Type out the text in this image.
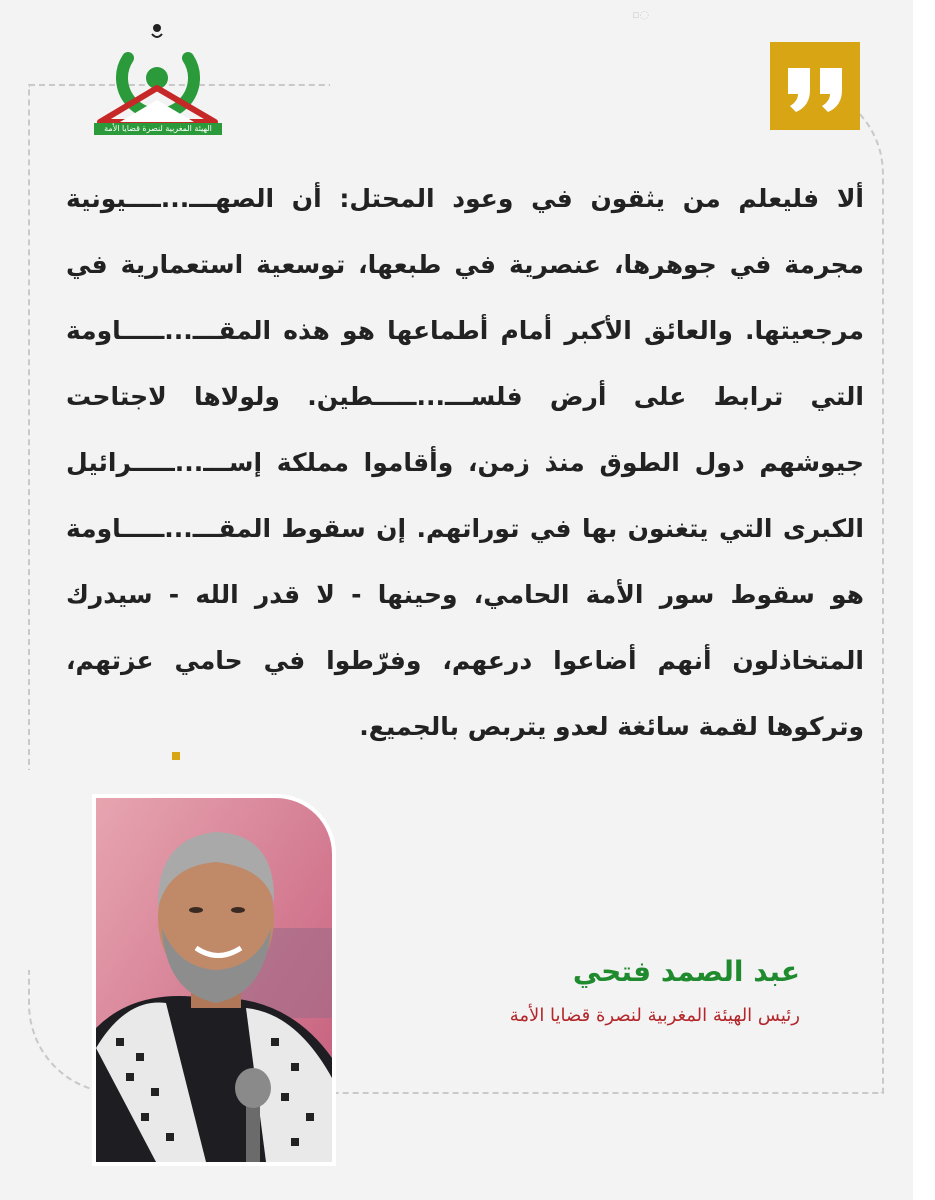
▫◌
الهيئة المغربية لنصرة قضايا الأمة
ألا فليعلم من يثقون في وعود المحتل: أن الصهـــ...ــــيونية مجرمة في جوهرها، عنصرية في طبعها، توسعية استعمارية في مرجعيتها. والعائق الأكبر أمام أطماعها هو هذه المقـــ...ـــــاومة التي ترابط على أرض فلســـ...ـــــطين. ولولاها لاجتاحت جيوشهم دول الطوق منذ زمن، وأقاموا مملكة إســـ...ـــــرائيل الكبرى التي يتغنون بها في توراتهم. إن سقوط المقـــ...ـــــاومة هو سقوط سور الأمة الحامي، وحينها - لا قدر الله - سيدرك المتخاذلون أنهم أضاعوا درعهم، وفرّطوا في حامي عزتهم، وتركوها لقمة سائغة لعدو يتربص بالجميع.
عبد الصمد فتحي
رئيس الهيئة المغربية لنصرة قضايا الأمة
